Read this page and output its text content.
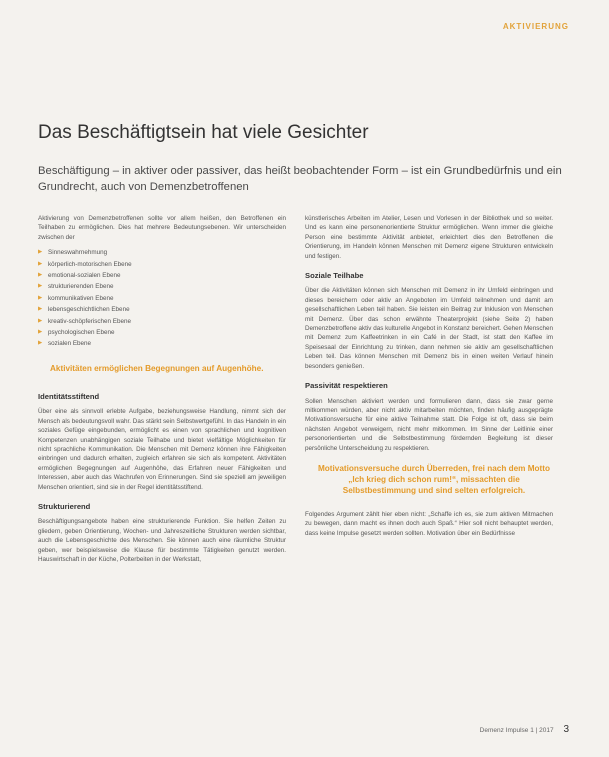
AKTIVIERUNG
Das Beschäftigtsein hat viele Gesichter

Beschäftigung – in aktiver oder passiver, das heißt beobachtender Form – ist ein Grundbedürfnis und ein Grundrecht, auch von Demenzbetroffenen

Aktivierung von Demenzbetroffenen sollte vor allem heißen, den Betroffenen ein Teilhaben zu ermöglichen. Dies hat mehrere Bedeutungsebenen. Wir unterscheiden zwischen der

▶ Sinneswahrnehmung
▶ körperlich-motorischen Ebene
▶ emotional-sozialen Ebene
▶ strukturierenden Ebene
▶ kommunikativen Ebene
▶ lebensgeschichtlichen Ebene
▶ kreativ-schöpferischen Ebene
▶ psychologischen Ebene
▶ sozialen Ebene
Aktivitäten ermöglichen Begegnungen auf Augenhöhe.
Identitätsstiftend

Über eine als sinnvoll erlebte Aufgabe, beziehungsweise Handlung, nimmt sich der Mensch als bedeutungsvoll wahr. Das stärkt sein Selbstwertgefühl. In das Handeln in ein soziales Gefüge eingebunden, ermöglicht es einen von sprachlichen und kognitiven Kompetenzen unabhängigen soziale Teilhabe und bietet vielfältige Möglichkeiten für nicht sprachliche Kommunikation. Die Menschen mit Demenz können ihre Fähigkeiten einbringen und dadurch erhalten, zugleich erfahren sie sich als kompetent. Aktivitäten ermöglichen Begegnungen auf Augenhöhe, das Erfahren neuer Fähigkeiten und Interessen, aber auch das Wachrufen von Erinnerungen. Sind sie speziell am jeweiligen Menschen orientiert, sind sie in der Regel identitätsstiftend.

Strukturierend

Beschäftigungsangebote haben eine strukturierende Funktion. Sie helfen Zeiten zu gliedern, geben Orientierung, Wochen- und Jahreszeitliche Strukturen werden sichtbar, auch die Lebensgeschichte des Menschen. Sie können auch eine räumliche Struktur geben, wer beispielsweise die Klause für bestimmte Tätigkeiten genutzt werden. Hauswirtschaft in der Küche, Polterbeiten in der Werkstatt,

künstlerisches Arbeiten im Atelier, Lesen und Vorlesen in der Bibliothek und so weiter. Und es kann eine personenorientierte Struktur ermöglichen. Wenn immer die gleiche Person eine bestimmte Aktivität anbietet, erleichtert dies den Betroffenen die Orientierung, im Handeln können Menschen mit Demenz eigene Strukturen entwickeln und festigen.

Soziale Teilhabe

Über die Aktivitäten können sich Menschen mit Demenz in ihr Umfeld einbringen und dieses bereichern oder aktiv an Angeboten im Umfeld teilnehmen und damit am gesellschaftlichen Leben teil haben. Sie leisten ein Beitrag zur Inklusion von Menschen mit Demenz. Über das schon erwähnte Theaterprojekt (siehe Seite 2) haben Demenzbetroffene aktiv das kulturelle Angebot in Konstanz bereichert. Gehen Menschen mit Demenz zum Kaffeetrinken in ein Café in der Stadt, ist statt den Kaffee im Speisesaal der Einrichtung zu trinken, dann nehmen sie aktiv am gesellschaftlichen Leben teil. Das können Menschen mit Demenz bis in einen weiten Verlauf hinein besonders genießen.

Passivität respektieren

Sollen Menschen aktiviert werden und formulieren dann, dass sie zwar gerne mitkommen würden, aber nicht aktiv mitarbeiten möchten, finden häufig ausgeprägte Motivationsversuche für eine aktive Teilnahme statt. Die Folge ist oft, dass sie beim nächsten Angebot verweigern, nicht mehr mitkommen. Im Sinne der Leitlinie einer personorientierten und die Selbstbestimmung fördernden Begleitung ist dieser persönliche Unterscheidung zu respektieren.

Motivationsversuche durch Überreden, frei nach dem Motto „Ich krieg dich schon rum!“, missachten die Selbstbestimmung und sind selten erfolgreich.

Folgendes Argument zählt hier eben nicht: „Schaffe ich es, sie zum aktiven Mitmachen zu bewegen, dann macht es ihnen doch auch Spaß.“ Hier soll nicht behauptet werden, dass keine Impulse gesetzt werden sollten. Motivation über ein Bedürfnisse

Demenz Impulse 1 | 2017 3
